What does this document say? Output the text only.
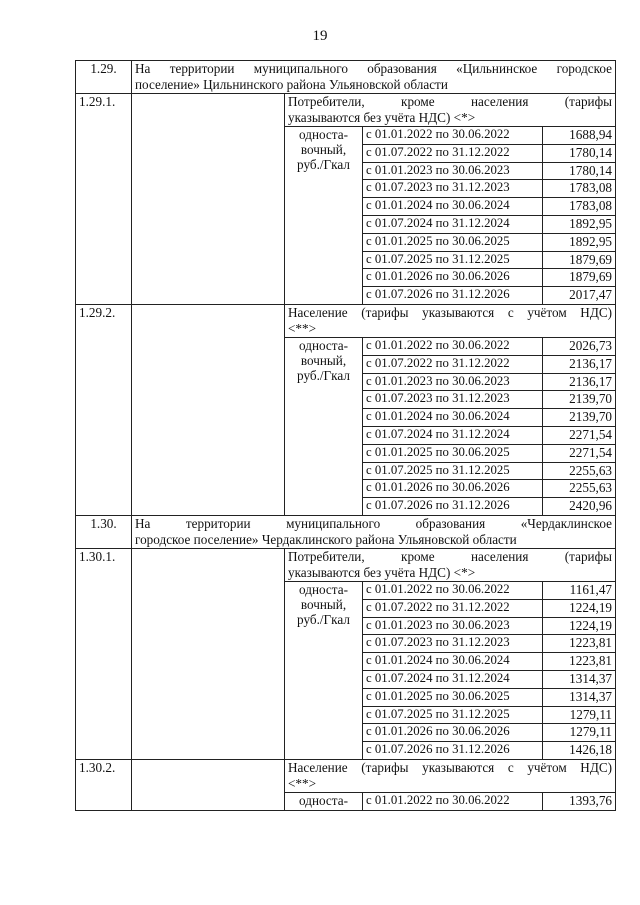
19
1.29.	На территории муниципального образования «Цильнинское городское
поселение» Цильнинского района Ульяновской области			
1.29.1.		Потребители, кроме населения (тарифы
указываются без учёта НДС) <*>		

		односта-
вочный,
руб./Гкал	с 01.01.2022 по 30.06.2022	1688,94
			с 01.07.2022 по 31.12.2022	1780,14
			с 01.01.2023 по 30.06.2023	1780,14
			с 01.07.2023 по 31.12.2023	1783,08
			с 01.01.2024 по 30.06.2024	1783,08
			с 01.07.2024 по 31.12.2024	1892,95
			с 01.01.2025 по 30.06.2025	1892,95
			с 01.07.2025 по 31.12.2025	1879,69
			с 01.01.2026 по 30.06.2026	1879,69
			с 01.07.2026 по 31.12.2026	2017,47
1.29.2.		Население (тарифы указываются с учётом НДС)
<**>		

		односта-
вочный,
руб./Гкал	с 01.01.2022 по 30.06.2022	2026,73
			с 01.07.2022 по 31.12.2022	2136,17
			с 01.01.2023 по 30.06.2023	2136,17
			с 01.07.2023 по 31.12.2023	2139,70
			с 01.01.2024 по 30.06.2024	2139,70
			с 01.07.2024 по 31.12.2024	2271,54
			с 01.01.2025 по 30.06.2025	2271,54
			с 01.07.2025 по 31.12.2025	2255,63
			с 01.01.2026 по 30.06.2026	2255,63
			с 01.07.2026 по 31.12.2026	2420,96
1.30.	На территории муниципального образования «Чердаклинское
городское поселение» Чердаклинского района Ульяновской области			
1.30.1.		Потребители, кроме населения (тарифы
указываются без учёта НДС) <*>		

		односта-
вочный,
руб./Гкал	с 01.01.2022 по 30.06.2022	1161,47
			с 01.07.2022 по 31.12.2022	1224,19
			с 01.01.2023 по 30.06.2023	1224,19
			с 01.07.2023 по 31.12.2023	1223,81
			с 01.01.2024 по 30.06.2024	1223,81
			с 01.07.2024 по 31.12.2024	1314,37
			с 01.01.2025 по 30.06.2025	1314,37
			с 01.07.2025 по 31.12.2025	1279,11
			с 01.01.2026 по 30.06.2026	1279,11
			с 01.07.2026 по 31.12.2026	1426,18
1.30.2.		Население (тарифы указываются с учётом НДС)
<**>		

		односта-	с 01.01.2022 по 30.06.2022	1393,76
